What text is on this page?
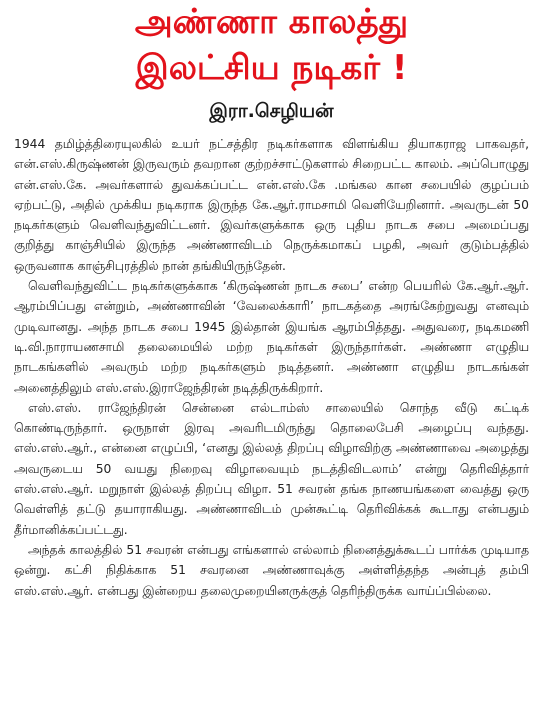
அண்ணா காலத்து
இலட்சிய நடிகர் !
இரா.செழியன்

1944 தமிழ்த்திரையுலகில் உயர் நட்சத்திர நடிகர்களாக விளங்கிய தியாகராஜ பாகவதர், என்.எஸ்.கிருஷ்ணன் இருவரும் தவறான குற்றச்சாட்டுகளால் சிறைபட்ட காலம். அப்பொழுது என்.எஸ்.கே. அவர்களால் துவக்கப்பட்ட என்.எஸ்.கே .மங்கல கான சபையில் குழப்பம் ஏற்பட்டு, அதில் முக்கிய நடிகராக இருந்த கே.ஆர்.ராமசாமி வெளியேறினார். அவருடன் 50 நடிகர்களும் வெளிவந்துவிட்டனர். இவர்களுக்காக ஒரு புதிய நாடக சபை அமைப்பது குறித்து காஞ்சியில் இருந்த அண்ணாவிடம் நெருக்கமாகப் பழகி, அவர் குடும்பத்தில் ஒருவனாக காஞ்சிபுரத்தில் நான் தங்கியிருந்தேன்.

வெளிவந்துவிட்ட நடிகர்களுக்காக ‘கிருஷ்ணன் நாடக சபை’ என்ற பெயரில் கே.ஆர்.ஆர். ஆரம்பிப்பது என்றும், அண்ணாவின் ‘வேலைக்காரி’ நாடகத்தை அரங்கேற்றுவது எனவும் முடிவானது. அந்த நாடக சபை 1945 இல்தான் இயங்க ஆரம்பித்தது. அதுவரை, நடிகமணி டி.வி.நாராயணசாமி தலைமையில் மற்ற நடிகர்கள் இருந்தார்கள். அண்ணா எழுதிய நாடகங்களில் அவரும் மற்ற நடிகர்களும் நடித்தனர். அண்ணா எழுதிய நாடகங்கள் அனைத்திலும் எஸ்.எஸ்.இராஜேந்திரன் நடித்திருக்கிறார்.

எஸ்.எஸ். ராஜேந்திரன் சென்னை எல்டாம்ஸ் சாலையில் சொந்த வீடு கட்டிக் கொண்டிருந்தார். ஒருநாள் இரவு அவரிடமிருந்து தொலைபேசி அழைப்பு வந்தது. எஸ்.எஸ்.ஆர்., என்னை எழுப்பி, ‘எனது இல்லத் திறப்பு விழாவிற்கு அண்ணாவை அழைத்து அவருடைய 50 வயது நிறைவு விழாவையும் நடத்திவிடலாம்’ என்று தெரிவித்தார் எஸ்.எஸ்.ஆர். மறுநாள் இல்லத் திறப்பு விழா. 51 சவரன் தங்க நாணயங்களை வைத்து ஒரு வெள்ளித் தட்டு தயாராகியது. அண்ணாவிடம் முன்கூட்டி தெரிவிக்கக் கூடாது என்பதும் தீர்மானிக்கப்பட்டது.

அந்தக் காலத்தில் 51 சவரன் என்பது எங்களால் எல்லாம் நினைத்துக்கூடப் பார்க்க முடியாத ஒன்று. கட்சி நிதிக்காக 51 சவரனை அண்ணாவுக்கு அள்ளித்தந்த அன்புத் தம்பி எஸ்.எஸ்.ஆர். என்பது இன்றைய தலைமுறையினருக்குத் தெரிந்திருக்க வாய்ப்பில்லை.
